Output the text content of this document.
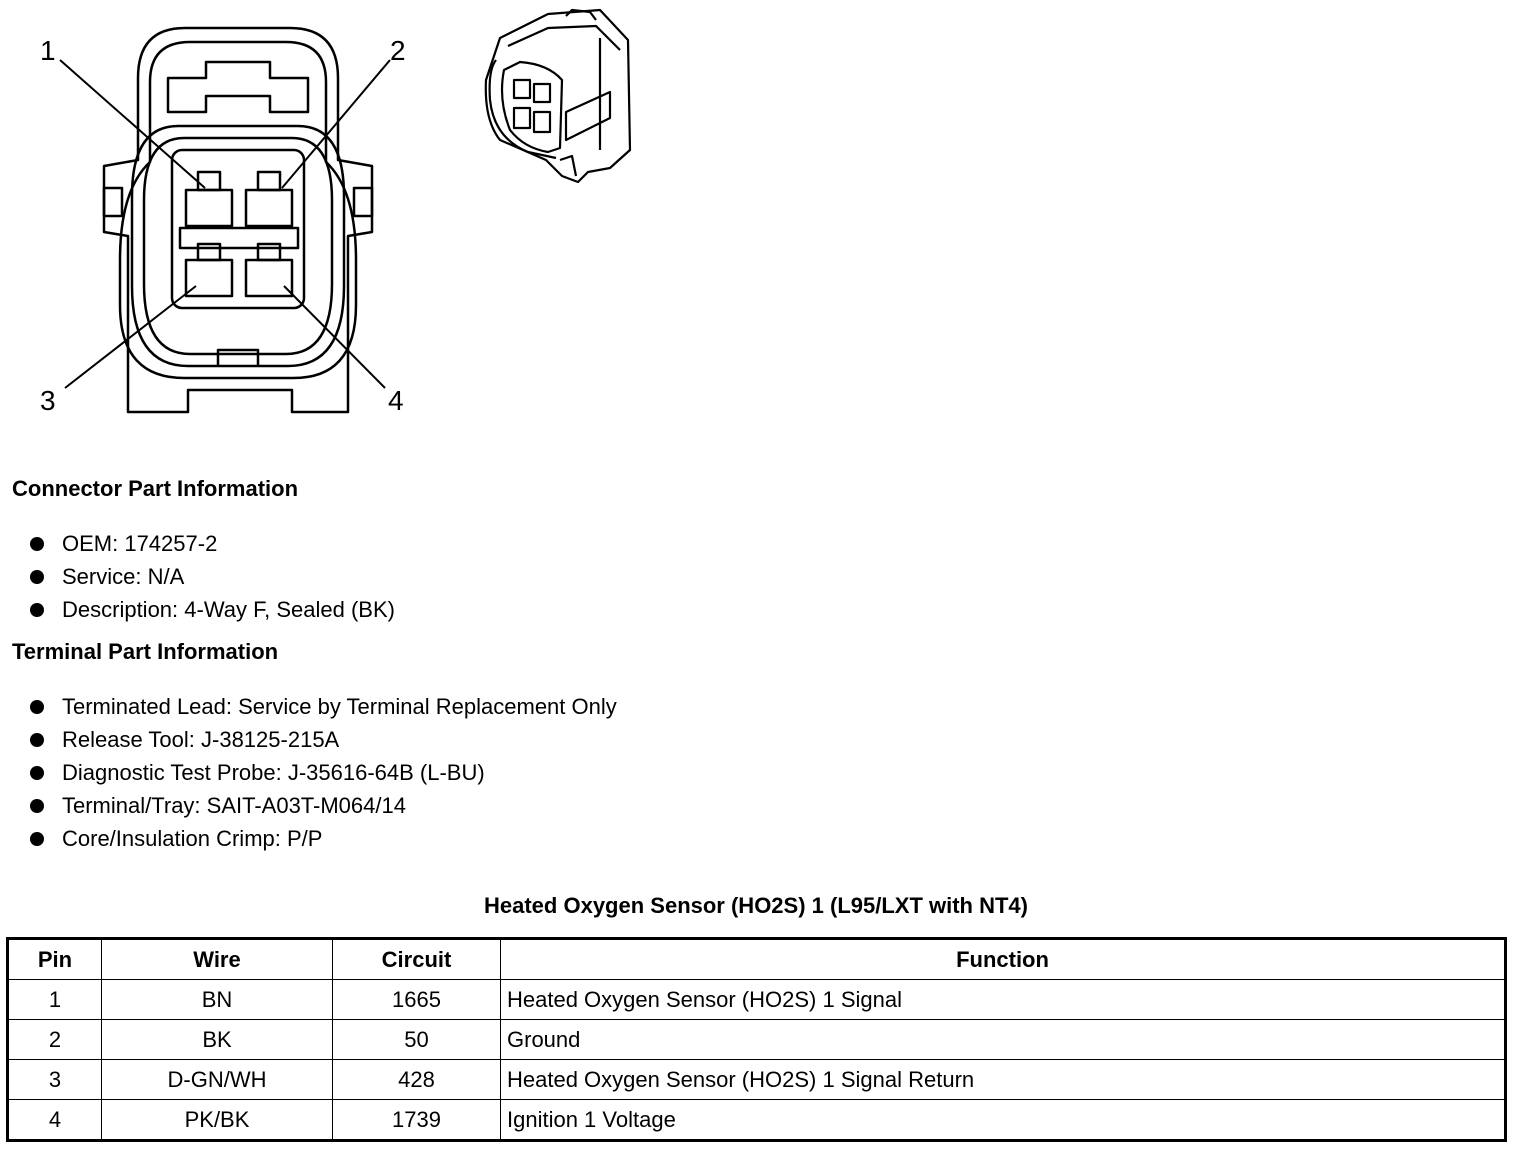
1	2
3	4
Connector Part Information
OEM: 174257-2
Service: N/A
Description: 4-Way F, Sealed (BK)
Terminal Part Information
Terminated Lead: Service by Terminal Replacement Only
Release Tool: J-38125-215A
Diagnostic Test Probe: J-35616-64B (L-BU)
Terminal/Tray: SAIT-A03T-M064/14
Core/Insulation Crimp: P/P
Heated Oxygen Sensor (HO2S) 1 (L95/LXT with NT4)
Pin	Wire	Circuit	Function
1	BN	1665	Heated Oxygen Sensor (HO2S) 1 Signal
2	BK	50	Ground
3	D-GN/WH	428	Heated Oxygen Sensor (HO2S) 1 Signal Return
4	PK/BK	1739	Ignition 1 Voltage
